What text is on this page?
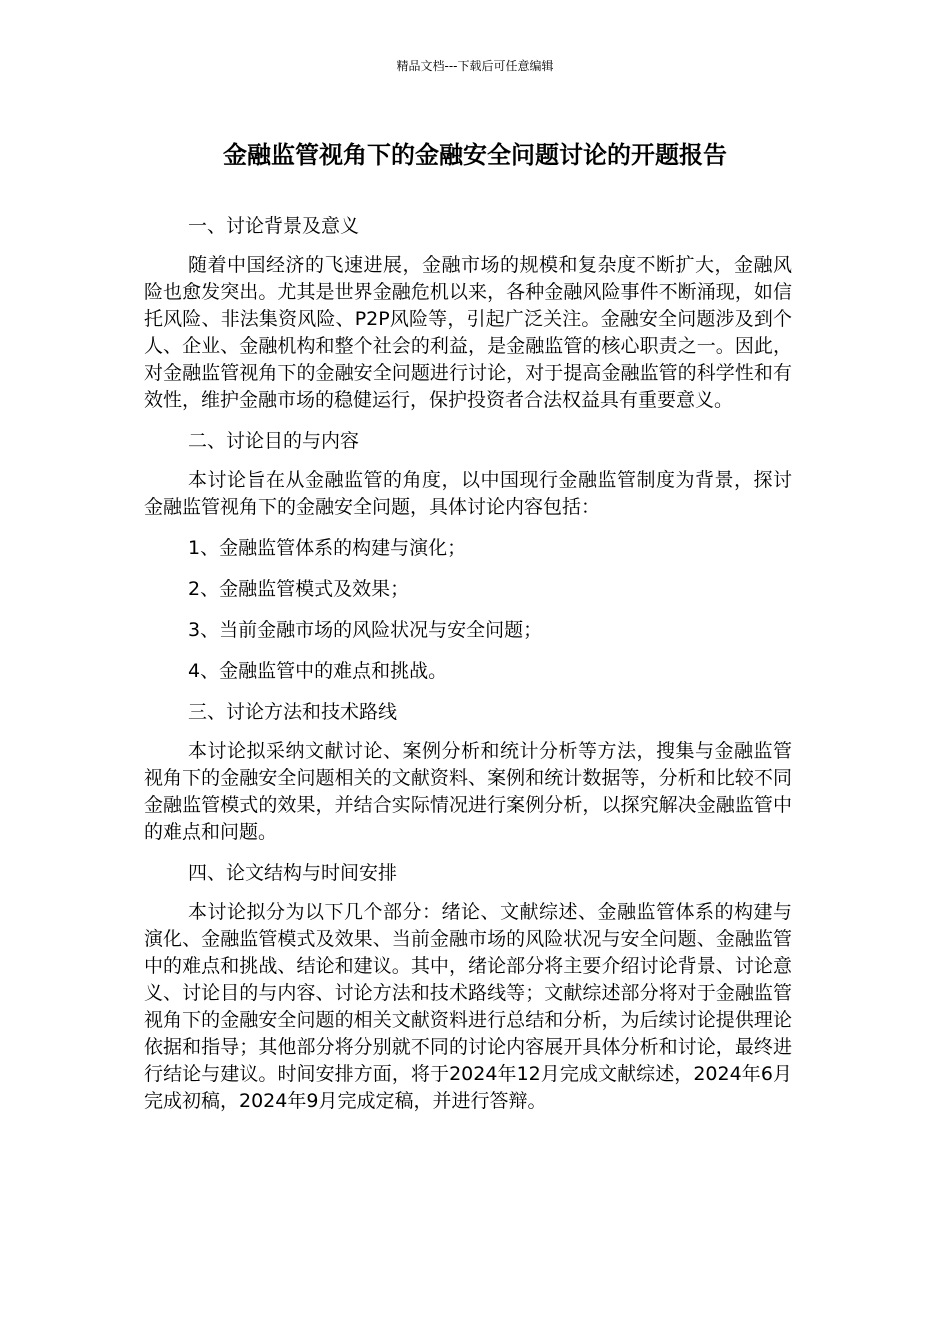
精品文档---下载后可任意编辑
金融监管视角下的金融安全问题讨论的开题报告

一、讨论背景及意义

随着中国经济的飞速进展，金融市场的规模和复杂度不断扩大，金融风险也愈发突出。尤其是世界金融危机以来，各种金融风险事件不断涌现，如信托风险、非法集资风险、P2P风险等，引起广泛关注。金融安全问题涉及到个人、企业、金融机构和整个社会的利益，是金融监管的核心职责之一。因此，对金融监管视角下的金融安全问题进行讨论，对于提高金融监管的科学性和有效性，维护金融市场的稳健运行，保护投资者合法权益具有重要意义。

二、讨论目的与内容

本讨论旨在从金融监管的角度，以中国现行金融监管制度为背景，探讨金融监管视角下的金融安全问题，具体讨论内容包括：

1、金融监管体系的构建与演化；

2、金融监管模式及效果；

3、当前金融市场的风险状况与安全问题；

4、金融监管中的难点和挑战。

三、讨论方法和技术路线

本讨论拟采纳文献讨论、案例分析和统计分析等方法，搜集与金融监管视角下的金融安全问题相关的文献资料、案例和统计数据等，分析和比较不同金融监管模式的效果，并结合实际情况进行案例分析，以探究解决金融监管中的难点和问题。

四、论文结构与时间安排

本讨论拟分为以下几个部分：绪论、文献综述、金融监管体系的构建与演化、金融监管模式及效果、当前金融市场的风险状况与安全问题、金融监管中的难点和挑战、结论和建议。其中，绪论部分将主要介绍讨论背景、讨论意义、讨论目的与内容、讨论方法和技术路线等；文献综述部分将对于金融监管视角下的金融安全问题的相关文献资料进行总结和分析，为后续讨论提供理论依据和指导；其他部分将分别就不同的讨论内容展开具体分析和讨论，最终进行结论与建议。时间安排方面，将于2024年12月完成文献综述，2024年6月完成初稿，2024年9月完成定稿，并进行答辩。
